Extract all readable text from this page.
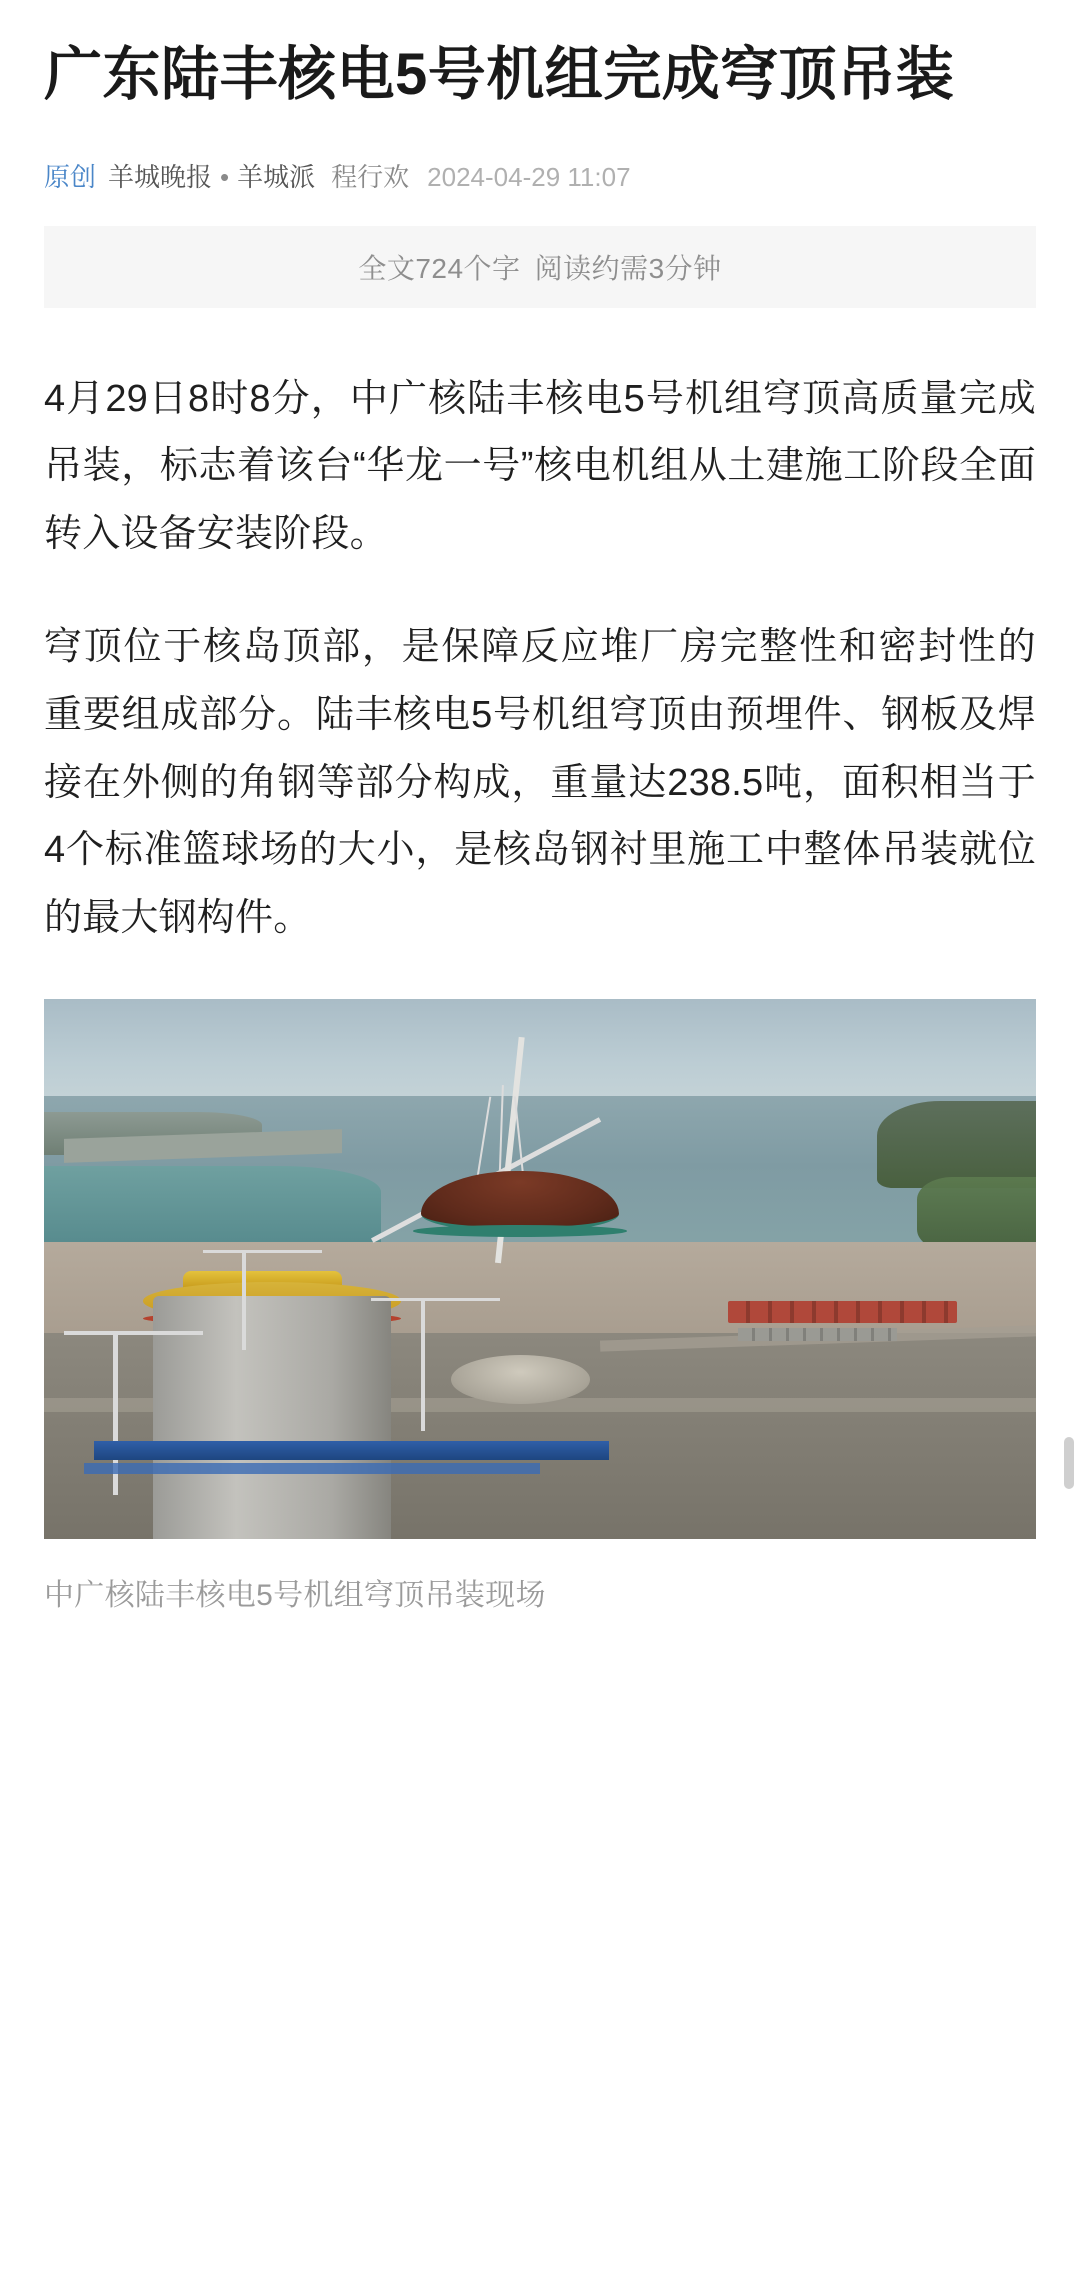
广东陆丰核电5号机组完成穹顶吊装
原创 羊城晚报 • 羊城派 程行欢 2024-04-29 11:07
全文724个字 阅读约需3分钟

4月29日8时8分，中广核陆丰核电5号机组穹顶高质量完成吊装，标志着该台“华龙一号”核电机组从土建施工阶段全面转入设备安装阶段。

穹顶位于核岛顶部，是保障反应堆厂房完整性和密封性的重要组成部分。陆丰核电5号机组穹顶由预埋件、钢板及焊接在外侧的角钢等部分构成，重量达238.5吨，面积相当于4个标准篮球场的大小，是核岛钢衬里施工中整体吊装就位的最大钢构件。

中广核陆丰核电5号机组穹顶吊装现场
